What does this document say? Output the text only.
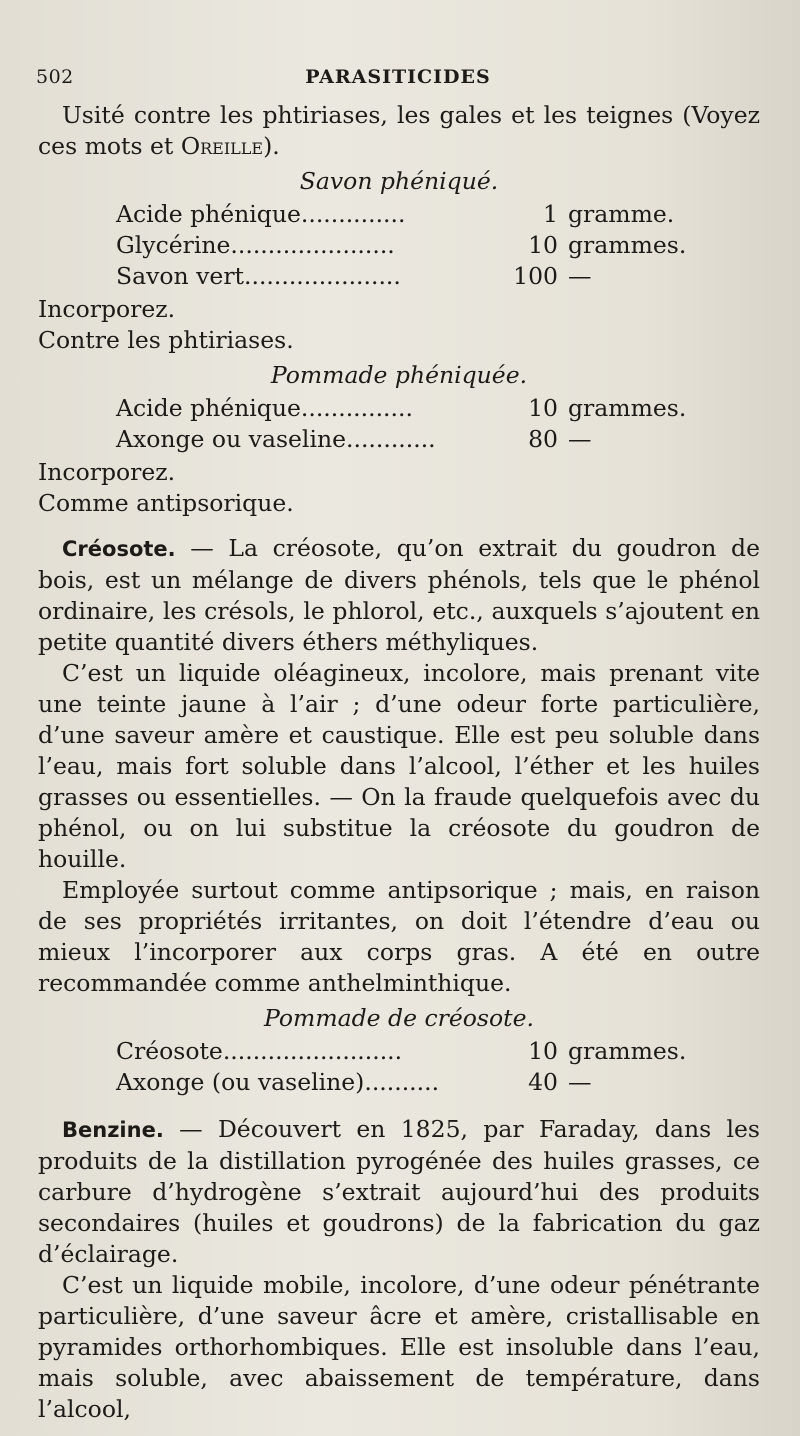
502	PARASITICIDES

Usité contre les phtiriases, les gales et les teignes (Voyez ces mots et Oreille).

Savon phéniqué.
Acide phénique..............	1 gramme.
Glycérine......................	10 grammes.
Savon vert.....................	100 —

Incorporez.

Contre les phtiriases.

Pommade phéniquée.
Acide phénique...............	10 grammes.
Axonge ou vaseline............	80 —

Incorporez.

Comme antipsorique.

Créosote. — La créosote, qu’on extrait du goudron de bois, est un mélange de divers phénols, tels que le phénol ordinaire, les crésols, le phlorol, etc., auxquels s’ajoutent en petite quantité divers éthers méthyliques.

C’est un liquide oléagineux, incolore, mais prenant vite une teinte jaune à l’air ; d’une odeur forte particulière, d’une saveur amère et caustique. Elle est peu soluble dans l’eau, mais fort soluble dans l’alcool, l’éther et les huiles grasses ou essentielles. — On la fraude quelquefois avec du phénol, ou on lui substitue la créosote du goudron de houille.

Employée surtout comme antipsorique ; mais, en raison de ses propriétés irritantes, on doit l’étendre d’eau ou mieux l’incorporer aux corps gras. A été en outre recommandée comme anthelminthique.

Pommade de créosote.
Créosote........................	10 grammes.
Axonge (ou vaseline)..........	40 —

Benzine. — Découvert en 1825, par Faraday, dans les produits de la distillation pyrogénée des huiles grasses, ce carbure d’hydrogène s’extrait aujourd’hui des produits secondaires (huiles et goudrons) de la fabrication du gaz d’éclairage.

C’est un liquide mobile, incolore, d’une odeur pénétrante particulière, d’une saveur âcre et amère, cristallisable en pyramides orthorhombiques. Elle est insoluble dans l’eau, mais soluble, avec abaissement de température, dans l’alcool,
